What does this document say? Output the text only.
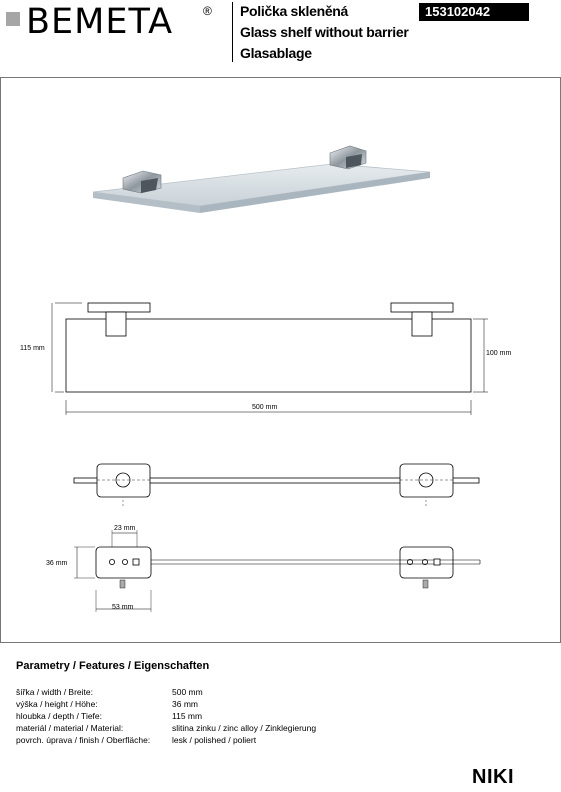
BEMETA ® Polička skleněná
Glass shelf without barrier
Glasablage
153102042
115 mm
100 mm
500 mm
23 mm
36 mm
53 mm
Parametry / Features / Eigenschaften
šířka / width / Breite:	500 mm
výška / height / Höhe:	36 mm
hloubka / depth / Tiefe:	115 mm
materiál / material / Material:	slitina zinku / zinc alloy / Zinklegierung
povrch. úprava / finish / Oberfläche:	lesk / polished / poliert
NIKI
